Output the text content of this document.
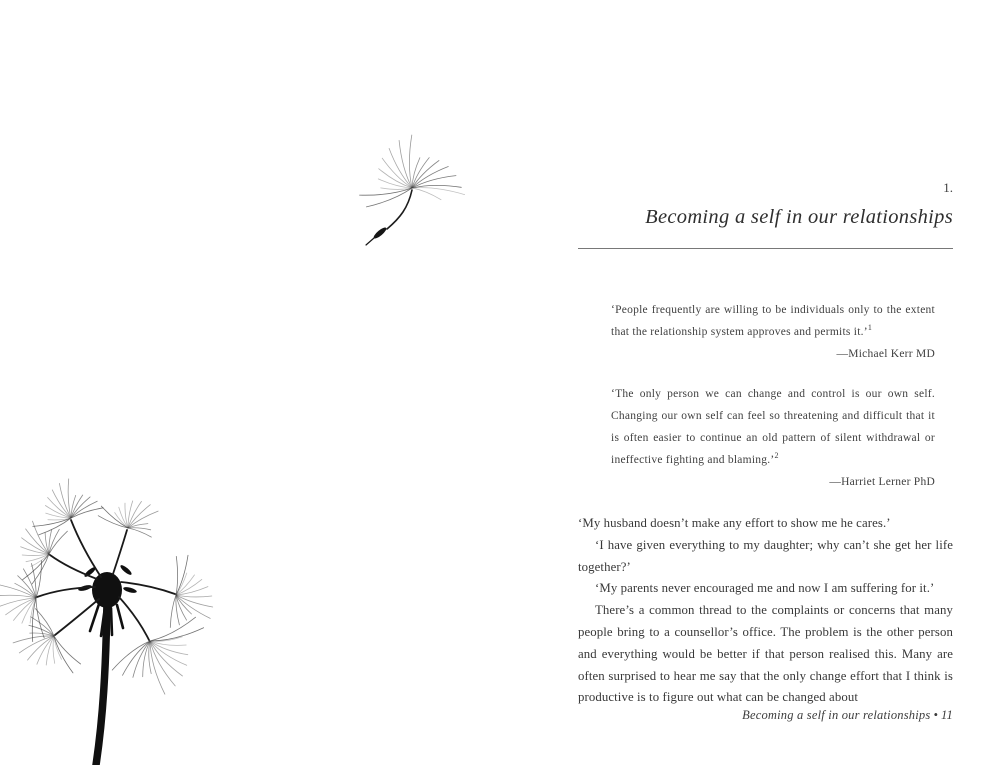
1.
Becoming a self in our relationships

‘People frequently are willing to be individuals only to the extent that the relationship system approves and permits it.’$^1$

—Michael Kerr MD

‘The only person we can change and control is our own self. Changing our own self can feel so threatening and difficult that it is often easier to continue an old pattern of silent withdrawal or ineffective fighting and blaming.’$^2$

—Harriet Lerner PhD

‘My husband doesn’t make any effort to show me he cares.’

‘I have given everything to my daughter; why can’t she get her life together?’

‘My parents never encouraged me and now I am suffering for it.’

There’s a common thread to the complaints or concerns that many people bring to a counsellor’s office. The problem is the other person and everything would be better if that person realised this. Many are often surprised to hear me say that the only change effort that I think is productive is to figure out what can be changed about

Becoming a self in our relationships • 11
